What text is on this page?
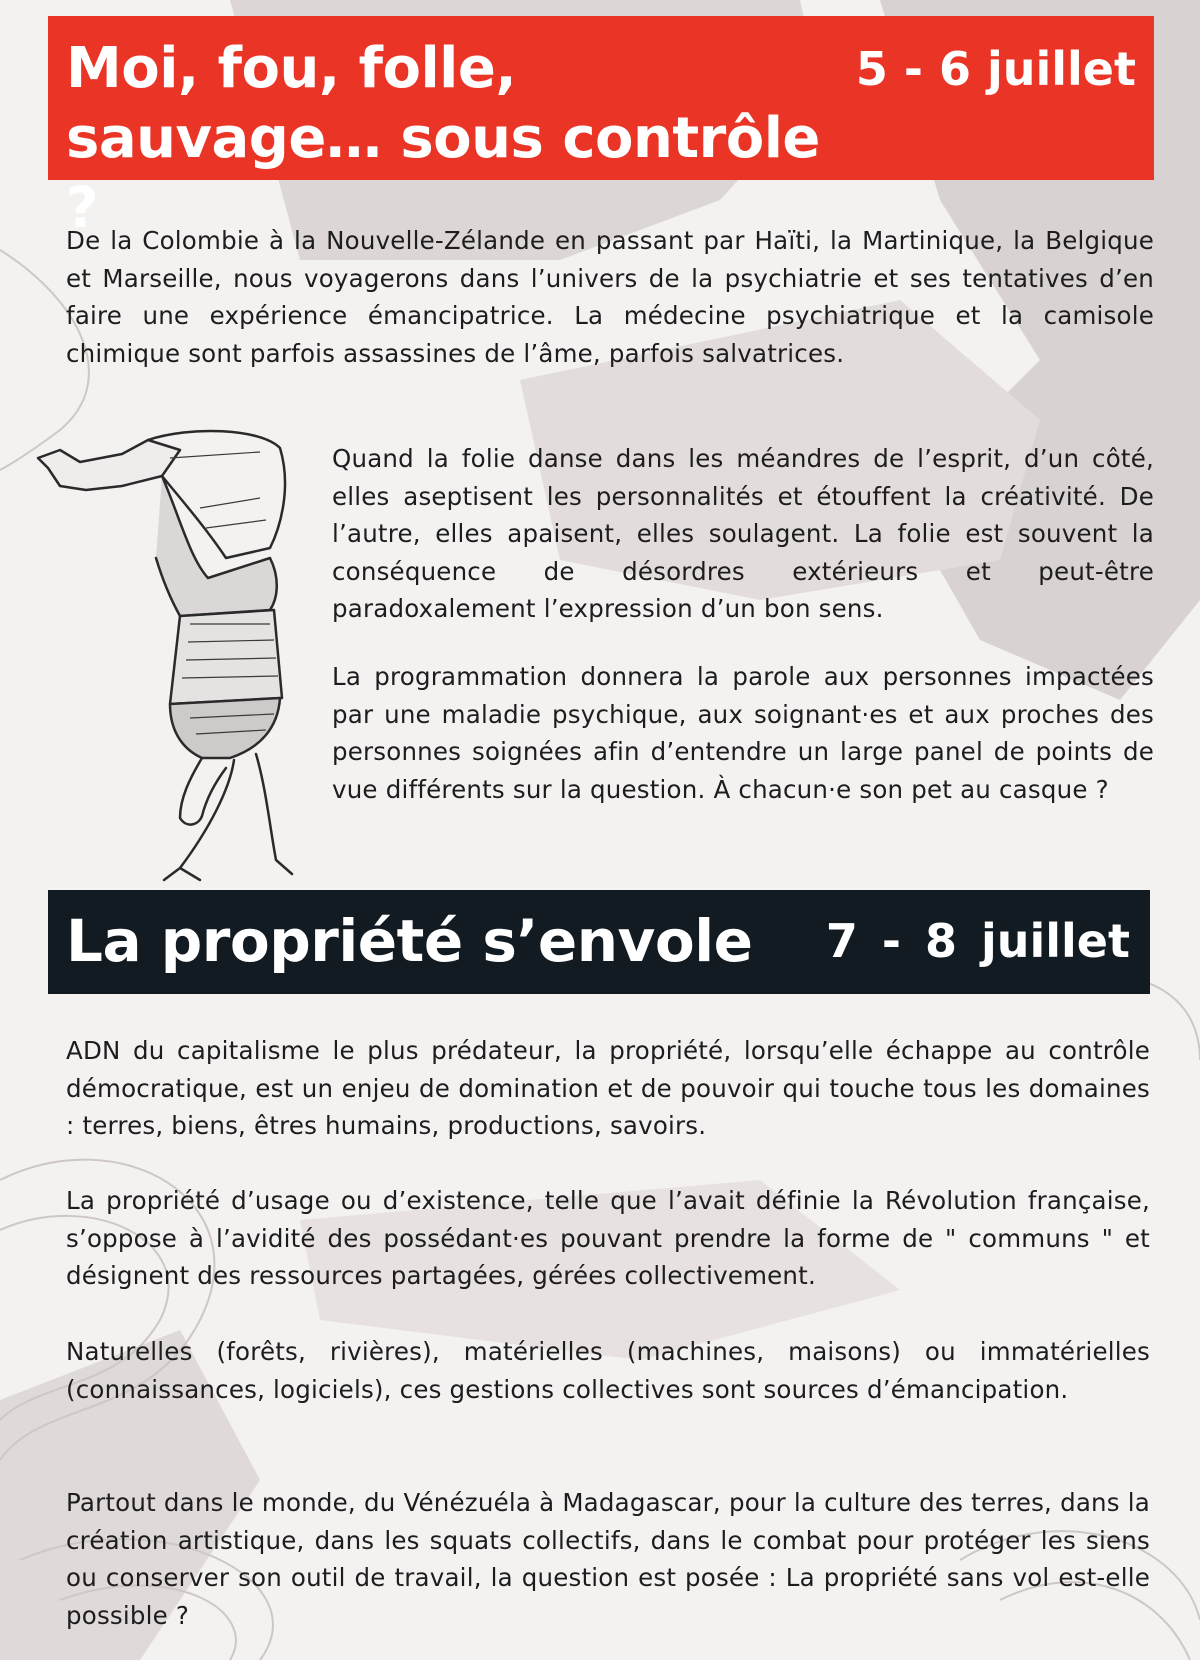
Moi, fou, folle, sauvage… sous contrôle ?
5 - 6 juillet

De la Colombie à la Nouvelle-Zélande en passant par Haïti, la Martinique, la Belgique et Marseille, nous voyagerons dans l’univers de la psychiatrie et ses tentatives d’en faire une expérience émancipatrice. La médecine psychiatrique et la camisole chimique sont parfois assassines de l’âme, parfois salvatrices.

Quand la folie danse dans les méandres de l’esprit, d’un côté, elles aseptisent les personnalités et étouffent la créativité. De l’autre, elles apaisent, elles soulagent. La folie est souvent la conséquence de désordres extérieurs et peut-être paradoxalement l’expression d’un bon sens.

La programmation donnera la parole aux personnes impactées par une maladie psychique, aux soignant·es et aux proches des personnes soignées afin d’entendre un large panel de points de vue différents sur la question. À chacun·e son pet au casque ?

La propriété s’envole 7 - 8 juillet

ADN du capitalisme le plus prédateur, la propriété, lorsqu’elle échappe au contrôle démocratique, est un enjeu de domination et de pouvoir qui touche tous les domaines : terres, biens, êtres humains, productions, savoirs.

La propriété d’usage ou d’existence, telle que l’avait définie la Révolution française, s’oppose à l’avidité des possédant·es pouvant prendre la forme de " communs " et désignent des ressources partagées, gérées collectivement.

Naturelles (forêts, rivières), matérielles (machines, maisons) ou immatérielles (connaissances, logiciels), ces gestions collectives sont sources d’émancipation.

Partout dans le monde, du Vénézuéla à Madagascar, pour la culture des terres, dans la création artistique, dans les squats collectifs, dans le combat pour protéger les siens ou conserver son outil de travail, la question est posée : La propriété sans vol est-elle possible ?
